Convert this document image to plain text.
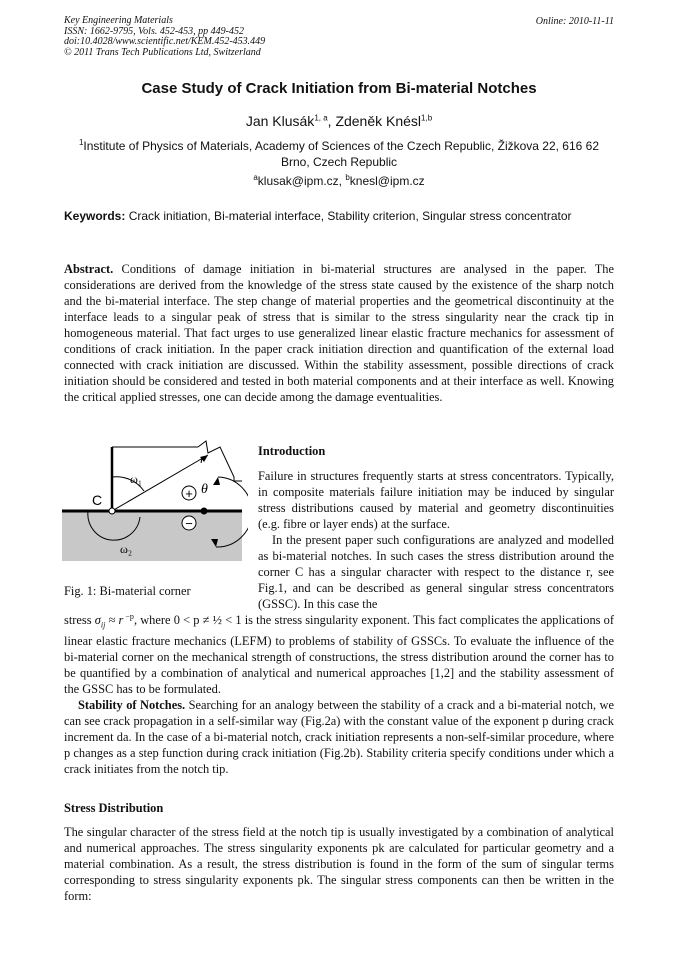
Key Engineering Materials
ISSN: 1662-9795, Vols. 452-453, pp 449-452
doi:10.4028/www.scientific.net/KEM.452-453.449
© 2011 Trans Tech Publications Ltd, Switzerland
Online: 2010-11-11
Case Study of Crack Initiation from Bi-material Notches
Jan Klusák$^{1, a}$, Zdeněk Knésl$^{1,b}$
$^1$Institute of Physics of Materials, Academy of Sciences of the Czech Republic, Žižkova 22, 616 62 Brno, Czech Republic
$^a$klusak@ipm.cz, $^b$knesl@ipm.cz
Keywords: Crack initiation, Bi-material interface, Stability criterion, Singular stress concentrator
Abstract. Conditions of damage initiation in bi-material structures are analysed in the paper. The considerations are derived from the knowledge of the stress state caused by the existence of the sharp notch and the bi-material interface. The step change of material properties and the geometrical discontinuity at the interface leads to a singular peak of stress that is similar to the stress singularity near the crack tip in homogeneous material. That fact urges to use generalized linear elastic fracture mechanics for assessment of conditions of crack initiation. In the paper crack initiation direction and quantification of the external load connected with crack initiation are discussed. Within the stability assessment, possible directions of crack initiation should be considered and tested in both material components and at their interface as well. Knowing the critical applied stresses, one can decide among the damage eventualities.
+
−
r
ω₁
ω₂
θ
C
Fig. 1: Bi-material corner
Introduction
Failure in structures frequently starts at stress concentrators. Typically, in composite materials failure initiation may be induced by singular stress distributions caused by material and geometry discontinuities (e.g. fibre or layer ends) at the surface.
In the present paper such configurations are analyzed and modelled as bi-material notches. In such cases the stress distribution around the corner C has a singular character with respect to the distance r, see Fig.1, and can be described as general singular stress concentrators (GSSC). In this case the
stress $\sigma_{ij} \approx r$ $^{-p}$, where 0 < p ≠ ½ < 1 is the stress singularity exponent. This fact complicates the applications of linear elastic fracture mechanics (LEFM) to problems of stability of GSSCs. To evaluate the influence of the bi-material corner on the mechanical strength of constructions, the stress distribution around the corner has to be quantified by a combination of analytical and numerical approaches [1,2] and the stability assessment of the GSSC has to be formulated.
Stability of Notches. Searching for an analogy between the stability of a crack and a bi-material notch, we can see crack propagation in a self-similar way (Fig.2a) with the constant value of the exponent p during crack increment da. In the case of a bi-material notch, crack initiation represents a non-self-similar procedure, where p changes as a step function during crack initiation (Fig.2b). Stability criteria specify conditions under which a crack initiates from the notch tip.
Stress Distribution
The singular character of the stress field at the notch tip is usually investigated by a combination of analytical and numerical approaches. The stress singularity exponents pk are calculated for particular geometry and a material combination. As a result, the stress distribution is found in the form of the sum of singular terms corresponding to stress singularity exponents pk. The singular stress components can then be written in the form:
